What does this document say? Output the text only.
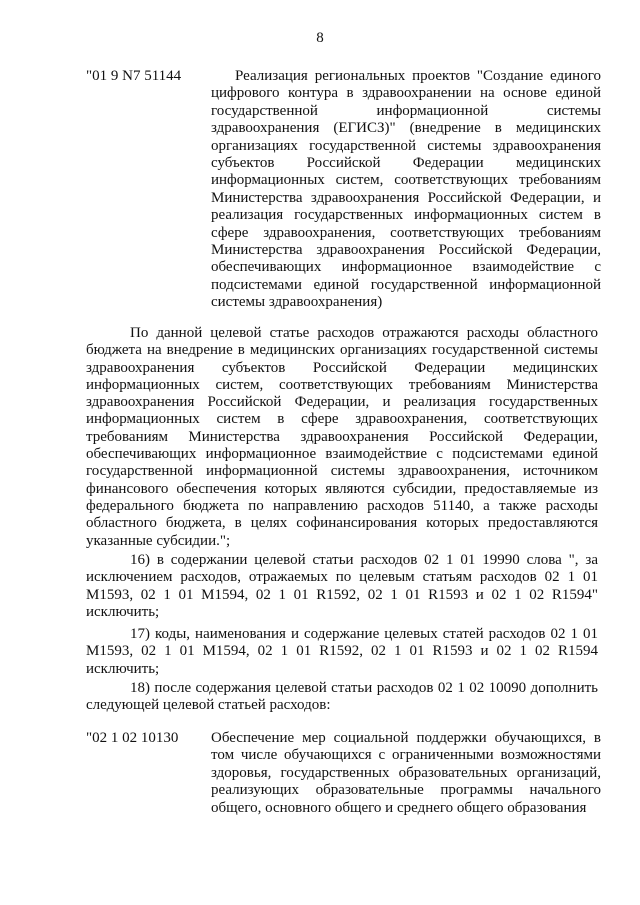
8
"01 9 N7 51144	Реализация региональных проектов "Создание единого цифрового контура в здравоохранении на основе единой государственной информационной системы здравоохранения (ЕГИСЗ)" (внедрение в медицинских организациях государственной системы здравоохранения субъектов Российской Федерации медицинских информационных систем, соответствующих требованиям Министерства здравоохранения Российской Федерации, и реализация государственных информационных систем в сфере здравоохранения, соответствующих требованиям Министерства здравоохранения Российской Федерации, обеспечивающих информационное взаимодействие с подсистемами единой государственной информационной системы здравоохранения)

По данной целевой статье расходов отражаются расходы областного бюджета на внедрение в медицинских организациях государственной системы здравоохранения субъектов Российской Федерации медицинских информационных систем, соответствующих требованиям Министерства здравоохранения Российской Федерации, и реализация государственных информационных систем в сфере здравоохранения, соответствующих требованиям Министерства здравоохранения Российской Федерации, обеспечивающих информационное взаимодействие с подсистемами единой государственной информационной системы здравоохранения, источником финансового обеспечения которых являются субсидии, предоставляемые из федерального бюджета по направлению расходов 51140, а также расходы областного бюджета, в целях софинансирования которых предоставляются указанные субсидии.";

16) в содержании целевой статьи расходов 02 1 01 19990 слова ", за исключением расходов, отражаемых по целевым статьям расходов 02 1 01 M1593, 02 1 01 M1594, 02 1 01 R1592, 02 1 01 R1593 и 02 1 02 R1594" исключить;

17) коды, наименования и содержание целевых статей расходов 02 1 01 M1593, 02 1 01 M1594, 02 1 01 R1592, 02 1 01 R1593 и 02 1 02 R1594 исключить;

18) после содержания целевой статьи расходов 02 1 02 10090 дополнить следующей целевой статьей расходов:

"02 1 02 10130	Обеспечение мер социальной поддержки обучающихся, в том числе обучающихся с ограниченными возможностями здоровья, государственных образовательных организаций, реализующих образовательные программы начального общего, основного общего и среднего общего образования
